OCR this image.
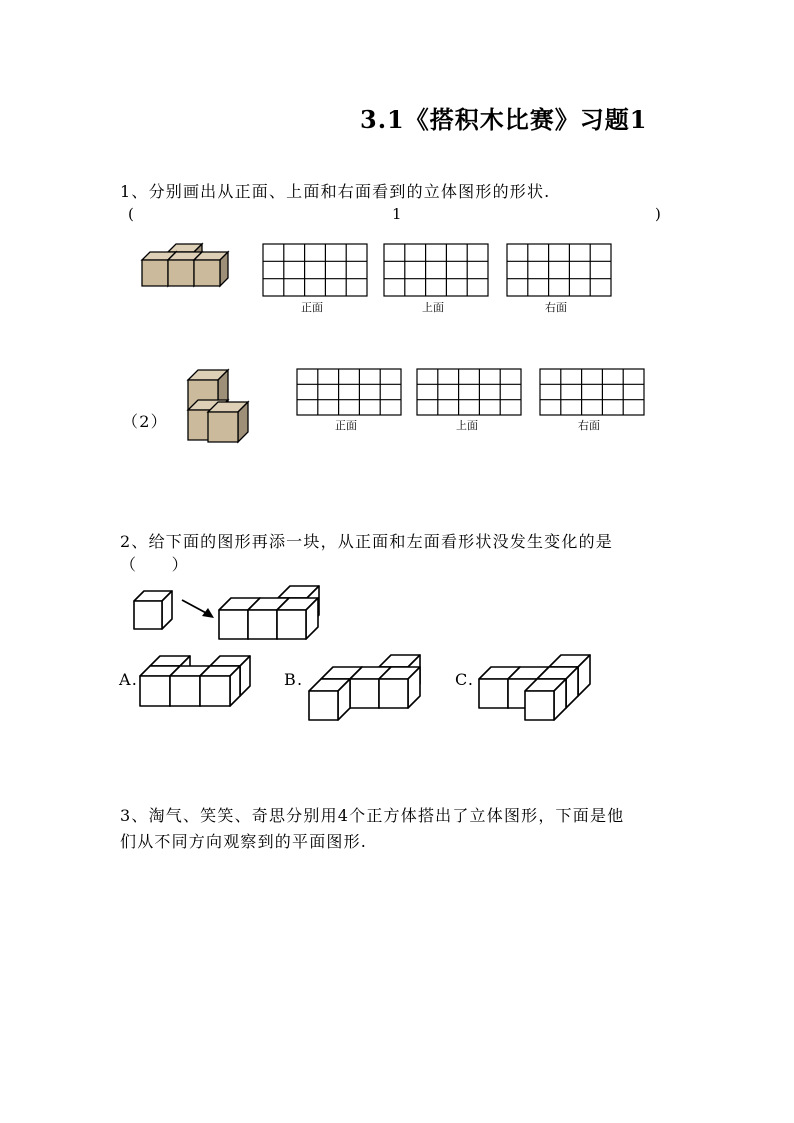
3.1《搭积木比赛》习题1
1、分别画出从正面、上面和右面看到的立体图形的形状.
(	1	)
正面	上面	右面
（2）	正面	上面	右面
2、给下面的图形再添一块，从正面和左面看形状没发生变化的是
（　　）
A.	B.	C.
3、淘气、笑笑、奇思分别用4个正方体搭出了立体图形，下面是他
们从不同方向观察到的平面图形.
